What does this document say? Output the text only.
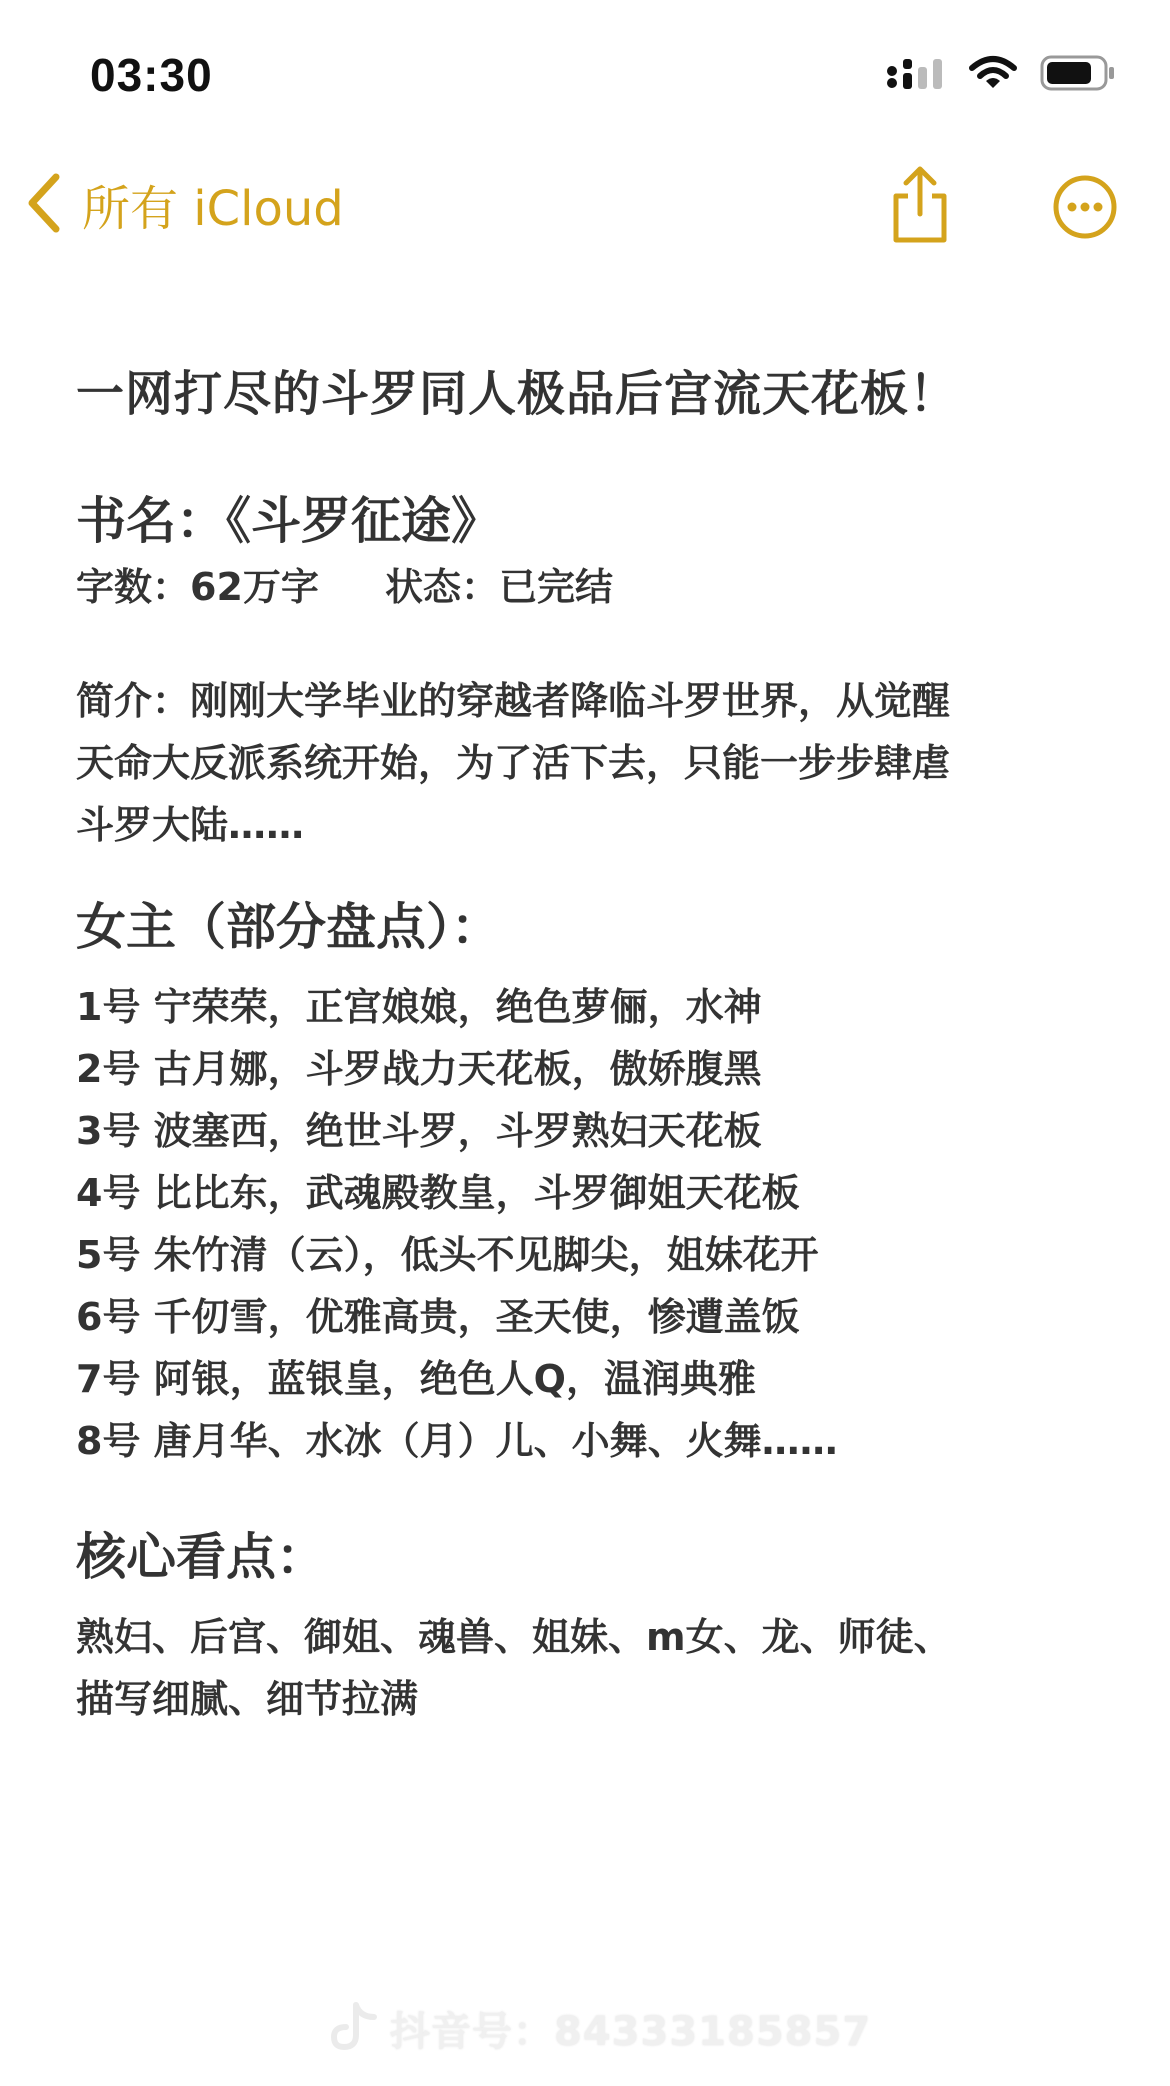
03:30
所有 iCloud
一网打尽的斗罗同人极品后宫流天花板！
书名：《斗罗征途》
字数：62万字 状态：已完结

简介：刚刚大学毕业的穿越者降临斗罗世界，从觉醒

天命大反派系统开始，为了活下去，只能一步步肆虐

斗罗大陆……

女主（部分盘点）：
1号 宁荣荣，正宫娘娘，绝色萝俪，水神
2号 古月娜，斗罗战力天花板，傲娇腹黑
3号 波塞西，绝世斗罗，斗罗熟妇天花板
4号 比比东，武魂殿教皇，斗罗御姐天花板
5号 朱竹清（云），低头不见脚尖，姐妹花开
6号 千仞雪，优雅高贵，圣天使，惨遭盖饭
7号 阿银，蓝银皇，绝色人Q，温润典雅
8号 唐月华、水冰（月）儿、小舞、火舞……
核心看点：

熟妇、后宫、御姐、魂兽、姐妹、m女、龙、师徒、

描写细腻、细节拉满

抖音号：84333185857
